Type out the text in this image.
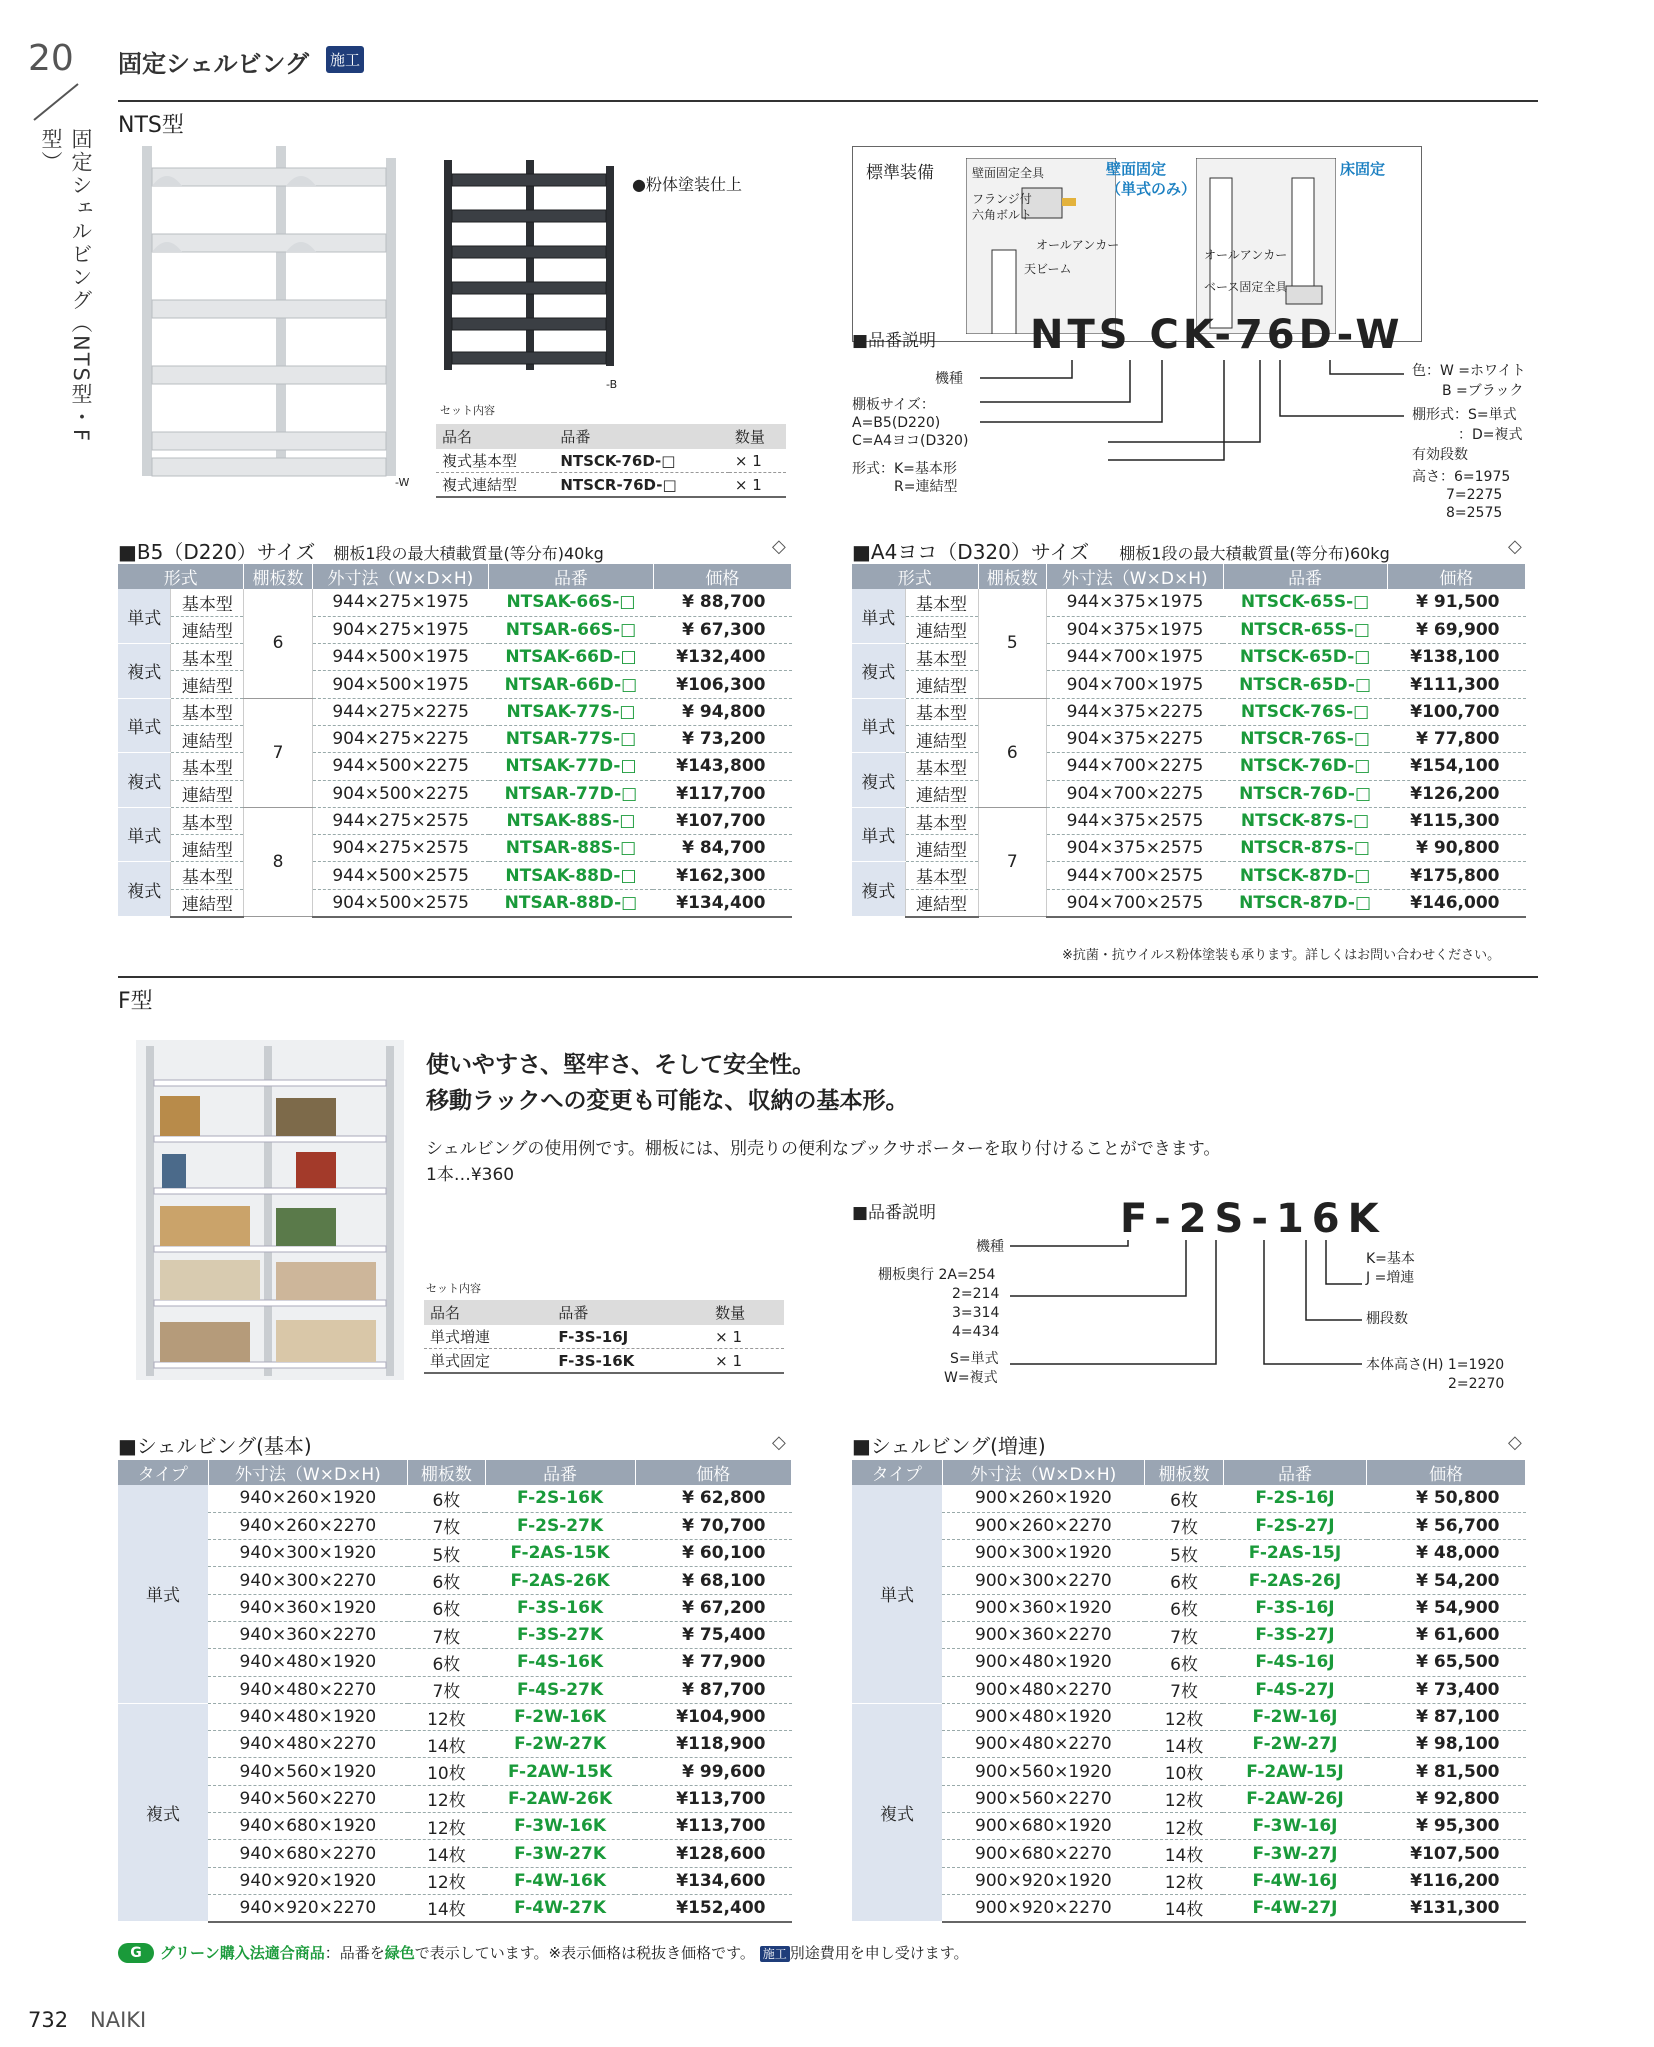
20
固定シェルビング（NTS型・F型）
固定シェルビング 施工
NTS型
-W
-B
●粉体塗装仕上
セット内容
品名	品番	数量
複式基本型	NTSCK-76D-□	× 1
複式連結型	NTSCR-76D-□	× 1
標準装備	壁面固定全具
フランジ付
六角ボルト
オールアンカー
天ビーム
壁面固定
（単式のみ）
床固定
オールアンカー
ベース固定全具
■品番説明 NTS CK-76D-W
機種
棚板サイズ：
A=B5(D220)
C=A4ヨコ(D320)
形式：K=基本形
R=連結型
色：W =ホワイト
B =ブラック
棚形式：S=単式
：D=複式
有効段数
高さ：6=1975
7=2275
8=2575
■B5（D220）サイズ 棚板1段の最大積載質量(等分布)40kg	◇
形式		棚板数	外寸法（W×D×H)	品番	価格
単式	基本型	6	944×275×1975	NTSAK-66S-□	¥ 88,700
	連結型		904×275×1975	NTSAR-66S-□	¥ 67,300
複式	基本型		944×500×1975	NTSAK-66D-□	¥132,400
	連結型		904×500×1975	NTSAR-66D-□	¥106,300
単式	基本型	7	944×275×2275	NTSAK-77S-□	¥ 94,800
	連結型		904×275×2275	NTSAR-77S-□	¥ 73,200
複式	基本型		944×500×2275	NTSAK-77D-□	¥143,800
	連結型		904×500×2275	NTSAR-77D-□	¥117,700
単式	基本型	8	944×275×2575	NTSAK-88S-□	¥107,700
	連結型		904×275×2575	NTSAR-88S-□	¥ 84,700
複式	基本型		944×500×2575	NTSAK-88D-□	¥162,300
	連結型		904×500×2575	NTSAR-88D-□	¥134,400
■A4ヨコ（D320）サイズ 棚板1段の最大積載質量(等分布)60kg	◇
形式		棚板数	外寸法（W×D×H)	品番	価格
単式	基本型	5	944×375×1975	NTSCK-65S-□	¥ 91,500
	連結型		904×375×1975	NTSCR-65S-□	¥ 69,900
複式	基本型		944×700×1975	NTSCK-65D-□	¥138,100
	連結型		904×700×1975	NTSCR-65D-□	¥111,300
単式	基本型	6	944×375×2275	NTSCK-76S-□	¥100,700
	連結型		904×375×2275	NTSCR-76S-□	¥ 77,800
複式	基本型		944×700×2275	NTSCK-76D-□	¥154,100
	連結型		904×700×2275	NTSCR-76D-□	¥126,200
単式	基本型	7	944×375×2575	NTSCK-87S-□	¥115,300
	連結型		904×375×2575	NTSCR-87S-□	¥ 90,800
複式	基本型		944×700×2575	NTSCK-87D-□	¥175,800
	連結型		904×700×2575	NTSCR-87D-□	¥146,000
※抗菌・抗ウイルス粉体塗装も承ります。詳しくはお問い合わせください。
F型
使いやすさ、堅牢さ、そして安全性。
移動ラックへの変更も可能な、収納の基本形。
シェルビングの使用例です。棚板には、別売りの便利なブックサポーターを取り付けることができます。
1本…¥360
セット内容
品名	品番	数量
単式増連	F-3S-16J	× 1
単式固定	F-3S-16K	× 1
■品番説明	F-2S-16K
機種
棚板奥行 2A=254
2=214
3=314
4=434
S=単式
W=複式
K=基本
J =増連
棚段数
本体高さ(H) 1=1920
2=2270
■シェルビング(基本)	◇
タイプ	外寸法（W×D×H)	棚板数	品番	価格
単式	940×260×1920	6枚	F-2S-16K	¥ 62,800
	940×260×2270	7枚	F-2S-27K	¥ 70,700
	940×300×1920	5枚	F-2AS-15K	¥ 60,100
	940×300×2270	6枚	F-2AS-26K	¥ 68,100
	940×360×1920	6枚	F-3S-16K	¥ 67,200
	940×360×2270	7枚	F-3S-27K	¥ 75,400
	940×480×1920	6枚	F-4S-16K	¥ 77,900
	940×480×2270	7枚	F-4S-27K	¥ 87,700
複式	940×480×1920	12枚	F-2W-16K	¥104,900
	940×480×2270	14枚	F-2W-27K	¥118,900
	940×560×1920	10枚	F-2AW-15K	¥ 99,600
	940×560×2270	12枚	F-2AW-26K	¥113,700
	940×680×1920	12枚	F-3W-16K	¥113,700
	940×680×2270	14枚	F-3W-27K	¥128,600
	940×920×1920	12枚	F-4W-16K	¥134,600
	940×920×2270	14枚	F-4W-27K	¥152,400
■シェルビング(増連)	◇
タイプ	外寸法（W×D×H)	棚板数	品番	価格
単式	900×260×1920	6枚	F-2S-16J	¥ 50,800
	900×260×2270	7枚	F-2S-27J	¥ 56,700
	900×300×1920	5枚	F-2AS-15J	¥ 48,000
	900×300×2270	6枚	F-2AS-26J	¥ 54,200
	900×360×1920	6枚	F-3S-16J	¥ 54,900
	900×360×2270	7枚	F-3S-27J	¥ 61,600
	900×480×1920	6枚	F-4S-16J	¥ 65,500
	900×480×2270	7枚	F-4S-27J	¥ 73,400
複式	900×480×1920	12枚	F-2W-16J	¥ 87,100
	900×480×2270	14枚	F-2W-27J	¥ 98,100
	900×560×1920	10枚	F-2AW-15J	¥ 81,500
	900×560×2270	12枚	F-2AW-26J	¥ 92,800
	900×680×1920	12枚	F-3W-16J	¥ 95,300
	900×680×2270	14枚	F-3W-27J	¥107,500
	900×920×1920	12枚	F-4W-16J	¥116,200
	900×920×2270	14枚	F-4W-27J	¥131,300
G	グリーン購入法適合商品：品番を緑色で表示しています。※表示価格は税抜き価格です。 施工 別途費用を申し受けます。
732 NAIKI
